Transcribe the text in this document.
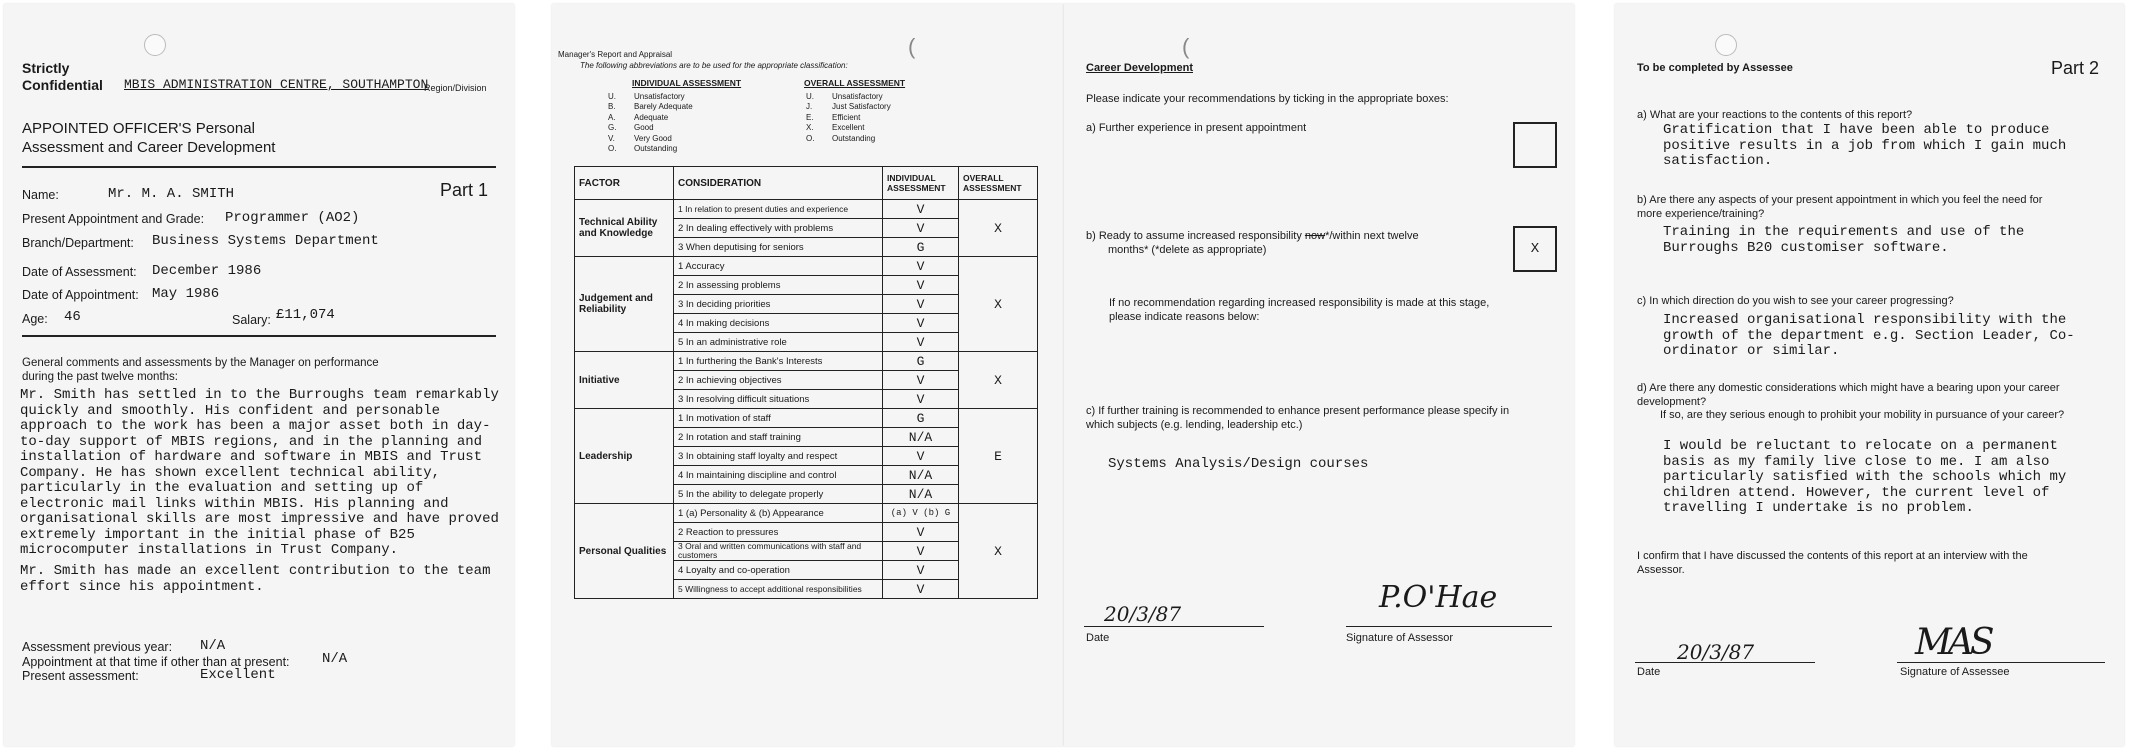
Strictly
Confidential MBIS ADMINISTRATION CENTRE, SOUTHAMPTON
Region/Division
APPOINTED OFFICER'S Personal
Assessment and Career Development
Part 1
Name:	Mr. M. A. SMITH
Present Appointment and Grade: Programmer (AO2)
Branch/Department: Business Systems Department
Date of Assessment: December 1986
Date of Appointment: May 1986
Age: 46	Salary: £11,074
General comments and assessments by the Manager on performance
during the past twelve months:
Mr. Smith has settled in to the Burroughs team remarkably quickly and smoothly. His confident and personable approach to the work has been a major asset both in day-to-day support of MBIS regions, and in the planning and installation of hardware and software in MBIS and Trust Company. He has shown excellent technical ability, particularly in the evaluation and setting up of electronic mail links within MBIS. His planning and organisational skills are most impressive and have proved extremely important in the initial phase of B25 microcomputer installations in Trust Company.
Mr. Smith has made an excellent contribution to the team effort since his appointment.
Assessment previous year: N/A
Appointment at that time if other than at present: N/A
Present assessment:	Excellent
(
Manager's Report and Appraisal
The following abbreviations are to be used for the appropriate classification:
INDIVIDUAL ASSESSMENT	OVERALL ASSESSMENT
U. Unsatisfactory
B. Barely Adequate
A. Adequate
G. Good
V. Very Good
O. Outstanding
U. Unsatisfactory
J. Just Satisfactory
E. Efficient
X. Excellent
O. Outstanding
FACTOR	CONSIDERATION	INDIVIDUAL ASSESSMENT	OVERALL ASSESSMENT
Technical Ability and Knowledge	1 In relation to present duties and experience	V	X
	2 In dealing effectively with problems	V	
	3 When deputising for seniors	G	
Judgement and Reliability	1 Accuracy	V	X
	2 In assessing problems	V	
	3 In deciding priorities	V	
	4 In making decisions	V	
	5 In an administrative role	V	
Initiative	1 In furthering the Bank's Interests	G	X
	2 In achieving objectives	V	
	3 In resolving difficult situations	V	
Leadership	1 In motivation of staff	G	E
	2 In rotation and staff training	N/A	
	3 In obtaining staff loyalty and respect	V	
	4 In maintaining discipline and control	N/A	
	5 In the ability to delegate properly	N/A	
Personal Qualities	1 (a) Personality & (b) Appearance	(a) V (b) G	X
	2 Reaction to pressures	V	
	3 Oral and written communications with staff and customers	V	
	4 Loyalty and co-operation	V	
	5 Willingness to accept additional responsibilities	V	
(
Career Development
Please indicate your recommendations by ticking in the appropriate boxes:
a) Further experience in present appointment
b) Ready to assume increased responsibility now*/within next twelve
months* (*delete as appropriate)	X
If no recommendation regarding increased responsibility is made at this stage, please indicate reasons below:
c) If further training is recommended to enhance present performance please specify in which subjects (e.g. lending, leadership etc.)
Systems Analysis/Design courses
20/3/87
Date
P.O'Hae
Signature of Assessor
To be completed by Assessee	Part 2
a) What are your reactions to the contents of this report?
Gratification that I have been able to produce positive results in a job from which I gain much satisfaction.
b) Are there any aspects of your present appointment in which you feel the need for more experience/training?
Training in the requirements and use of the Burroughs B20 customiser software.
c) In which direction do you wish to see your career progressing?
Increased organisational responsibility with the growth of the department e.g. Section Leader, Co-ordinator or similar.
d) Are there any domestic considerations which might have a bearing upon your career development?
If so, are they serious enough to prohibit your mobility in pursuance of your career?
I would be reluctant to relocate on a permanent basis as my family live close to me. I am also particularly satisfied with the schools which my children attend. However, the current level of travelling I undertake is no problem.
I confirm that I have discussed the contents of this report at an interview with the Assessor.
20/3/87
Date
MAS
Signature of Assessee
